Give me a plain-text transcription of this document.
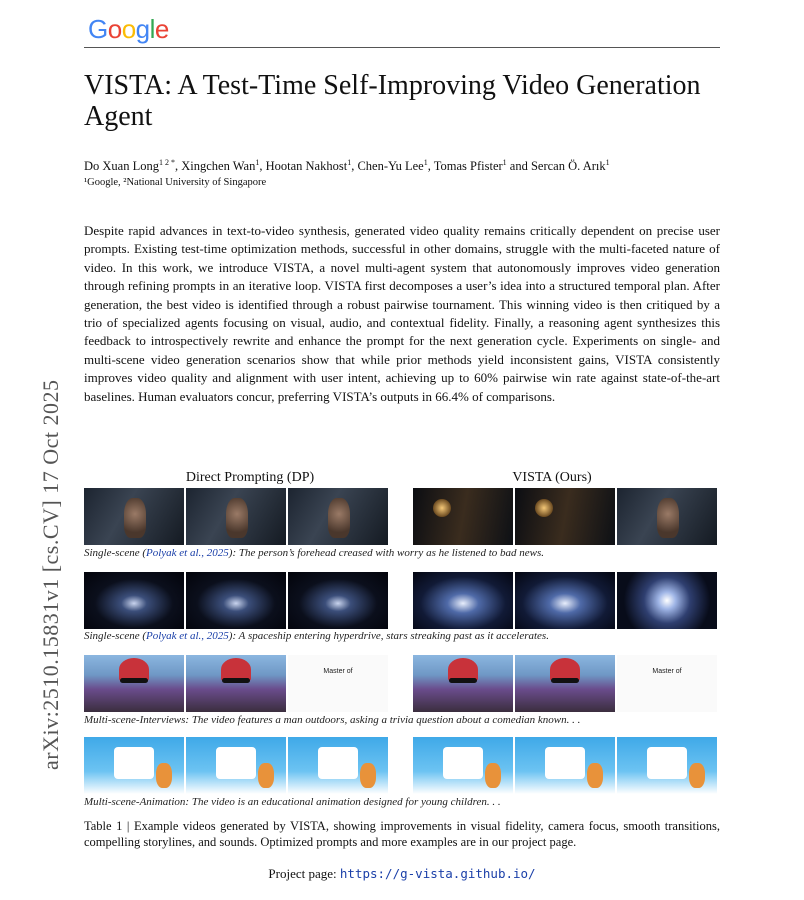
Google
arXiv:2510.15831v1 [cs.CV] 17 Oct 2025
VISTA: A Test-Time Self-Improving Video Generation Agent
Do Xuan Long$^{1 2 *}$, Xingchen Wan$^1$, Hootan Nakhost$^1$, Chen-Yu Lee$^1$, Tomas Pfister$^1$ and Sercan Ö. Arık$^1$
¹Google, ²National University of Singapore
Despite rapid advances in text-to-video synthesis, generated video quality remains critically dependent on precise user prompts. Existing test-time optimization methods, successful in other domains, struggle with the multi-faceted nature of video. In this work, we introduce VISTA, a novel multi-agent system that autonomously improves video generation through refining prompts in an iterative loop. VISTA first decomposes a user’s idea into a structured temporal plan. After generation, the best video is identified through a robust pairwise tournament. This winning video is then critiqued by a trio of specialized agents focusing on visual, audio, and contextual fidelity. Finally, a reasoning agent synthesizes this feedback to introspectively rewrite and enhance the prompt for the next generation cycle. Experiments on single- and multi-scene video generation scenarios show that while prior methods yield inconsistent gains, VISTA consistently improves video quality and alignment with user intent, achieving up to 60% pairwise win rate against state-of-the-art baselines. Human evaluators concur, preferring VISTA’s outputs in 66.4% of comparisons.
Direct Prompting (DP)	VISTA (Ours)
Single-scene (Polyak et al., 2025): The person’s forehead creased with worry as he listened to bad news.
Single-scene (Polyak et al., 2025): A spaceship entering hyperdrive, stars streaking past as it accelerates.
Master of	Master of
Multi-scene-Interviews: The video features a man outdoors, asking a trivia question about a comedian known. . .
Multi-scene-Animation: The video is an educational animation designed for young children. . .
Table 1 | Example videos generated by VISTA, showing improvements in visual fidelity, camera focus, smooth transitions, compelling storylines, and sounds. Optimized prompts and more examples are in our project page.
Project page: https://g-vista.github.io/
